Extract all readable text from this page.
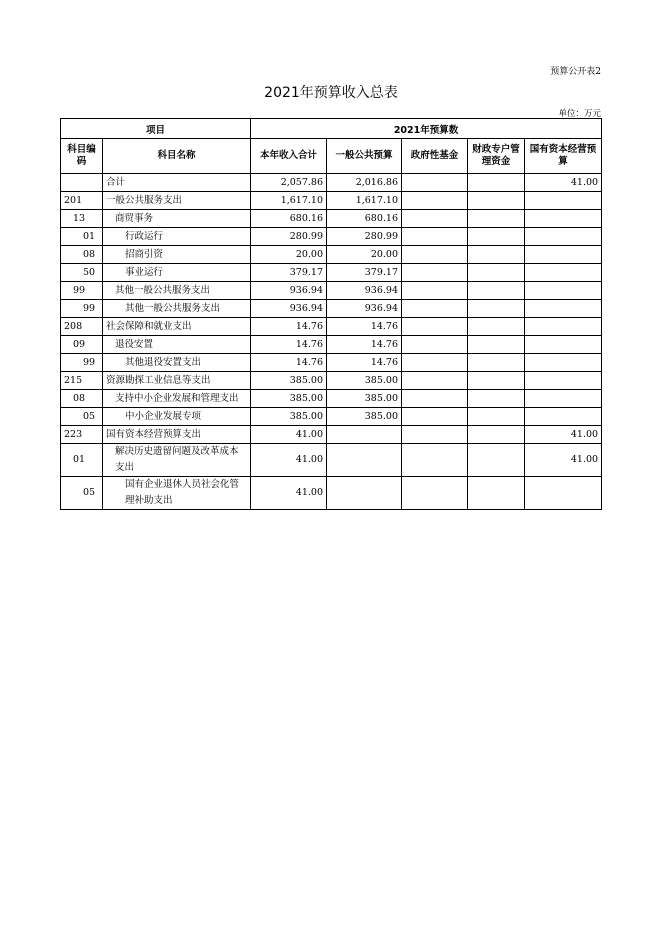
预算公开表2
2021年预算收入总表
单位：万元
项目		2021年预算数				
科目编码	科目名称	本年收入合计	一般公共预算	政府性基金	财政专户管理资金	国有资本经营预算
	合计	2,057.86	2,016.86			41.00
201	一般公共服务支出	1,617.10	1,617.10			
13	商贸事务	680.16	680.16			
01	行政运行	280.99	280.99			
08	招商引资	20.00	20.00			
50	事业运行	379.17	379.17			
99	其他一般公共服务支出	936.94	936.94			
99	其他一般公共服务支出	936.94	936.94			
208	社会保障和就业支出	14.76	14.76			
09	退役安置	14.76	14.76			
99	其他退役安置支出	14.76	14.76			
215	资源勘探工业信息等支出	385.00	385.00			
08	支持中小企业发展和管理支出	385.00	385.00			
05	中小企业发展专项	385.00	385.00			
223	国有资本经营预算支出	41.00				41.00
01	解决历史遗留问题及改革成本支出	41.00				41.00
05	国有企业退休人员社会化管理补助支出	41.00				
